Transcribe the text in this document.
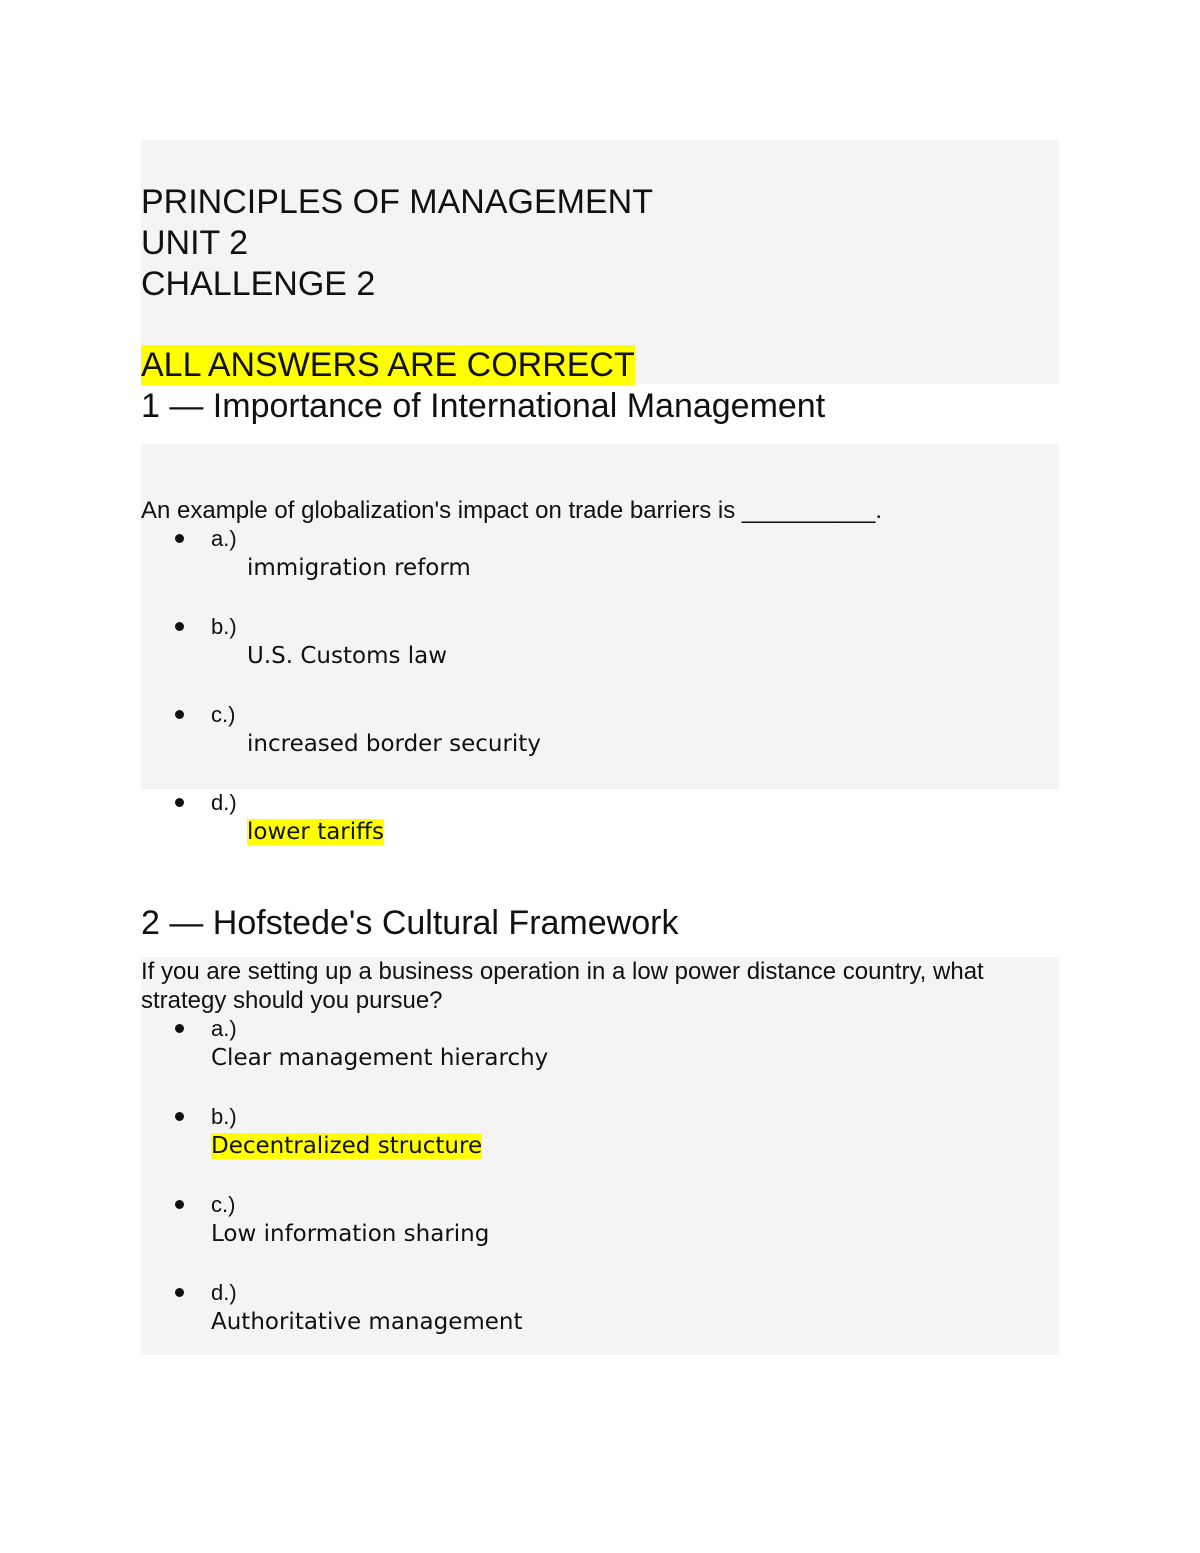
PRINCIPLES OF MANAGEMENT

UNIT 2

CHALLENGE 2

ALL ANSWERS ARE CORRECT
1 — Importance of International Management

An example of globalization's impact on trade barriers is __________.

a.)
immigration reform
b.)
U.S. Customs law
c.)
increased border security
d.)
lower tariffs
2 — Hofstede's Cultural Framework

If you are setting up a business operation in a low power distance country, what strategy should you pursue?

a.)
Clear management hierarchy
b.)
Decentralized structure
c.)
Low information sharing
d.)
Authoritative management
